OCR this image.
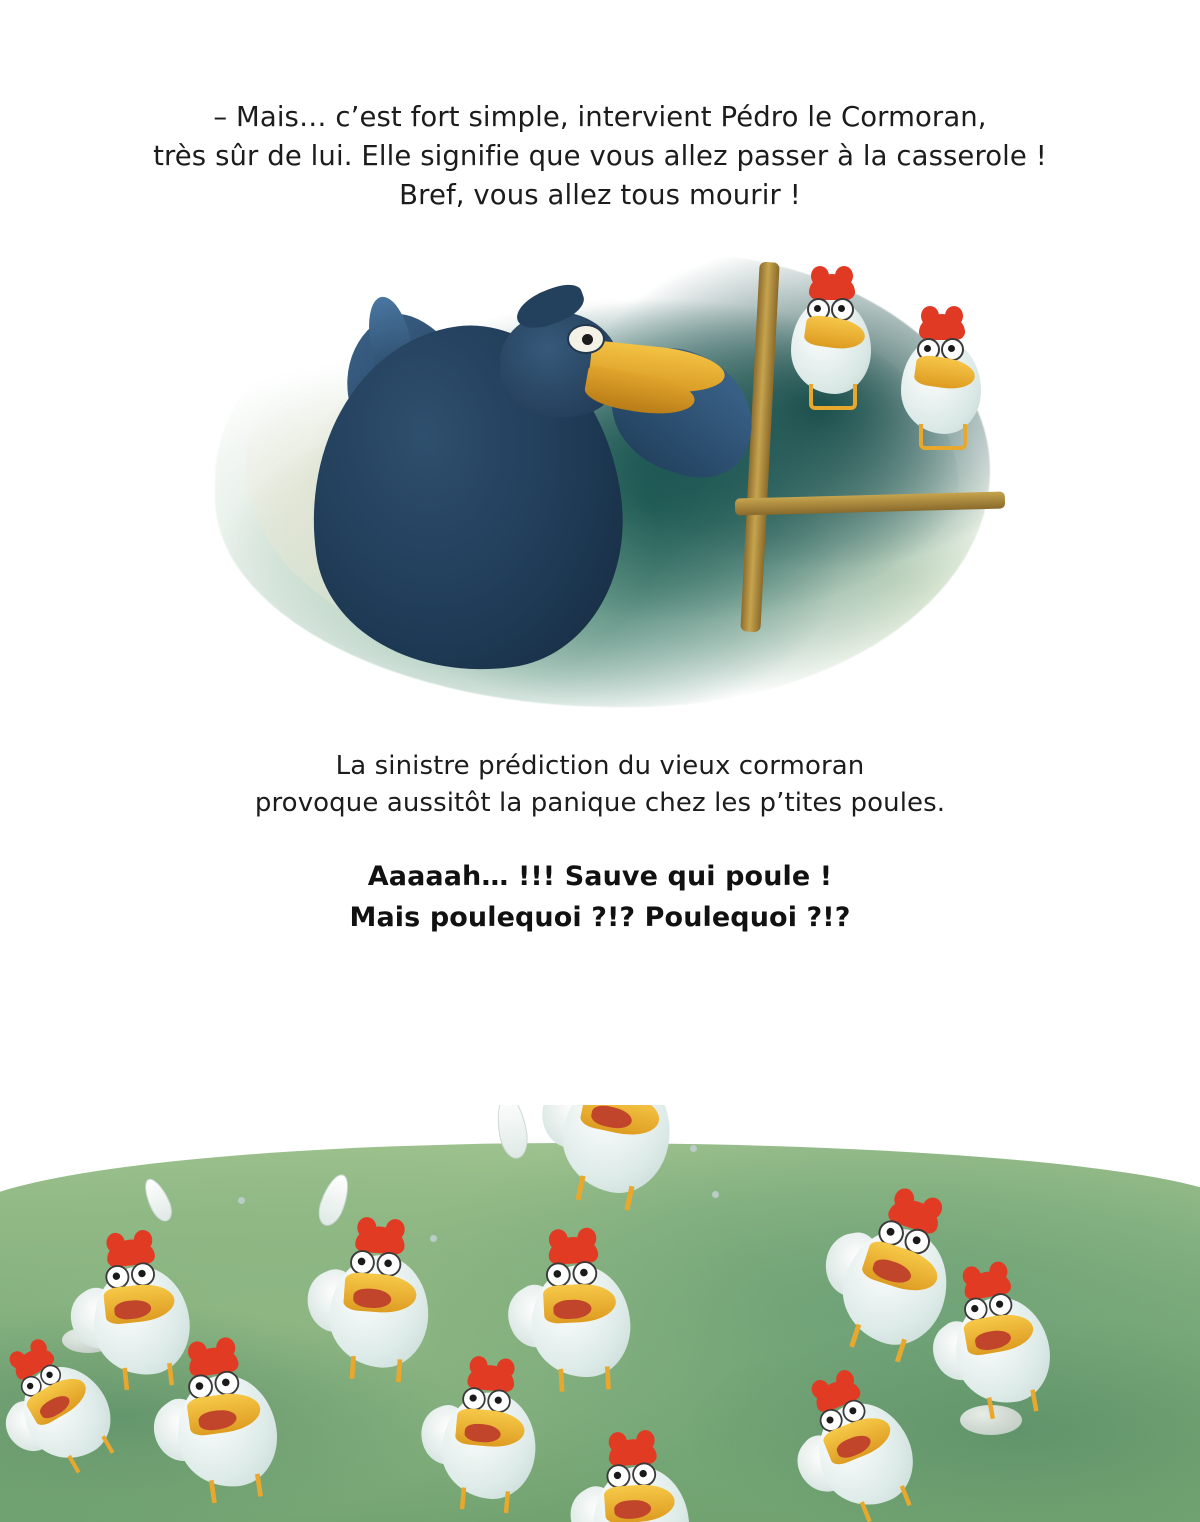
– Mais… c’est fort simple, intervient Pédro le Cormoran,
très sûr de lui. Elle signifie que vous allez passer à la casserole !
Bref, vous allez tous mourir !
La sinistre prédiction du vieux cormoran
provoque aussitôt la panique chez les p’tites poules.
Aaaaah… !!! Sauve qui poule !
Mais poulequoi ?!? Poulequoi ?!?
